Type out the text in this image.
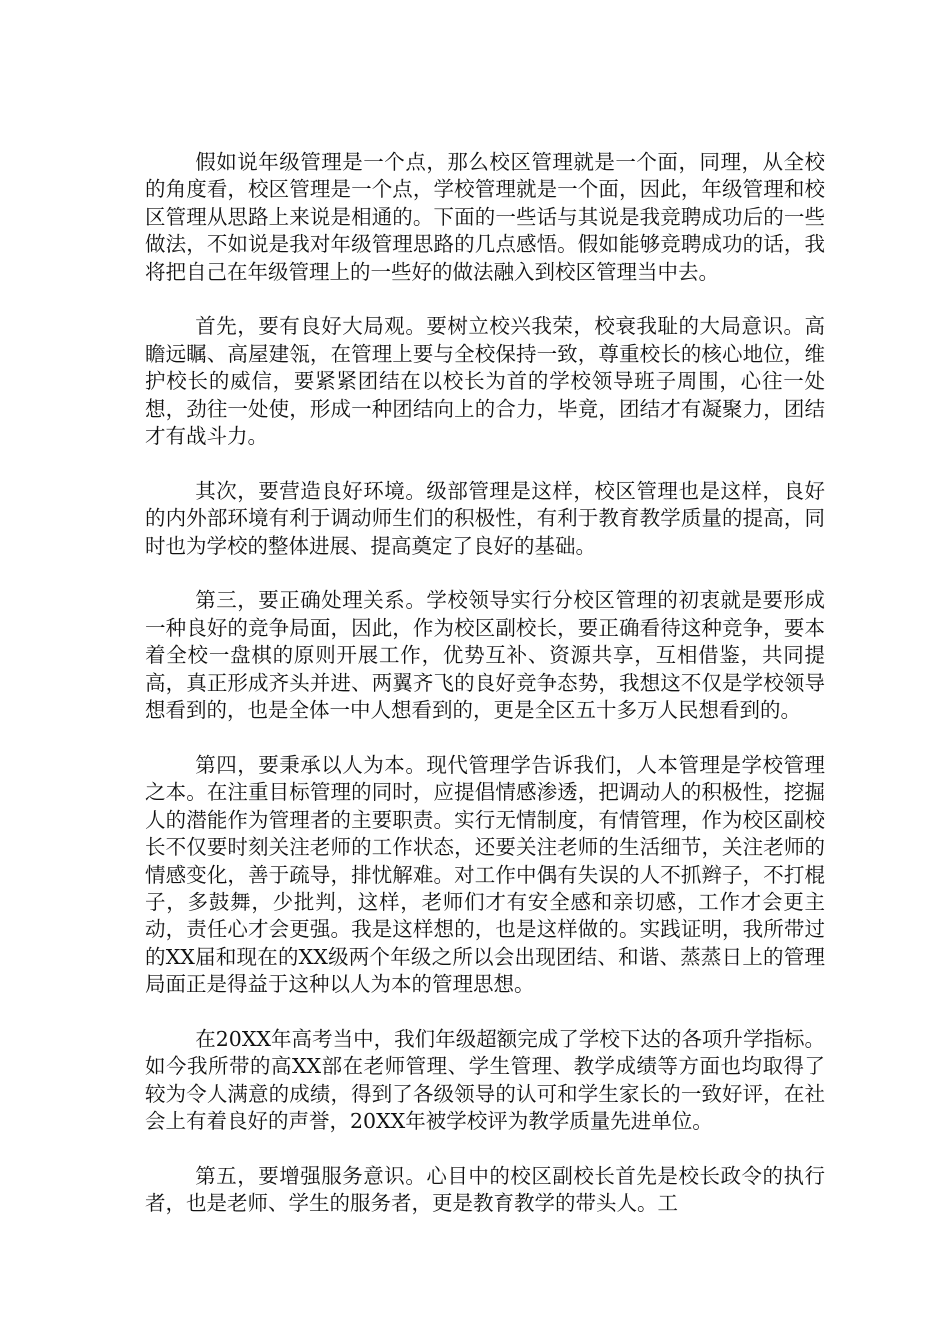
假如说年级管理是一个点，那么校区管理就是一个面，同理，从全校的角度看，校区管理是一个点，学校管理就是一个面，因此，年级管理和校区管理从思路上来说是相通的。下面的一些话与其说是我竞聘成功后的一些做法，不如说是我对年级管理思路的几点感悟。假如能够竞聘成功的话，我将把自己在年级管理上的一些好的做法融入到校区管理当中去。

首先，要有良好大局观。要树立校兴我荣，校衰我耻的大局意识。高瞻远瞩、高屋建瓴，在管理上要与全校保持一致，尊重校长的核心地位，维护校长的威信，要紧紧团结在以校长为首的学校领导班子周围，心往一处想，劲往一处使，形成一种团结向上的合力，毕竟，团结才有凝聚力，团结才有战斗力。

其次，要营造良好环境。级部管理是这样，校区管理也是这样，良好的内外部环境有利于调动师生们的积极性，有利于教育教学质量的提高，同时也为学校的整体进展、提高奠定了良好的基础。

第三，要正确处理关系。学校领导实行分校区管理的初衷就是要形成一种良好的竞争局面，因此，作为校区副校长，要正确看待这种竞争，要本着全校一盘棋的原则开展工作，优势互补、资源共享，互相借鉴，共同提高，真正形成齐头并进、两翼齐飞的良好竞争态势，我想这不仅是学校领导想看到的，也是全体一中人想看到的，更是全区五十多万人民想看到的。

第四，要秉承以人为本。现代管理学告诉我们，人本管理是学校管理之本。在注重目标管理的同时，应提倡情感渗透，把调动人的积极性，挖掘人的潜能作为管理者的主要职责。实行无情制度，有情管理，作为校区副校长不仅要时刻关注老师的工作状态，还要关注老师的生活细节，关注老师的情感变化，善于疏导，排忧解难。对工作中偶有失误的人不抓辫子，不打棍子，多鼓舞，少批判，这样，老师们才有安全感和亲切感，工作才会更主动，责任心才会更强。我是这样想的，也是这样做的。实践证明，我所带过的XX届和现在的XX级两个年级之所以会出现团结、和谐、蒸蒸日上的管理局面正是得益于这种以人为本的管理思想。

在20XX年高考当中，我们年级超额完成了学校下达的各项升学指标。如今我所带的高XX部在老师管理、学生管理、教学成绩等方面也均取得了较为令人满意的成绩，得到了各级领导的认可和学生家长的一致好评，在社会上有着良好的声誉，20XX年被学校评为教学质量先进单位。

第五，要增强服务意识。心目中的校区副校长首先是校长政令的执行者，也是老师、学生的服务者，更是教育教学的带头人。工
